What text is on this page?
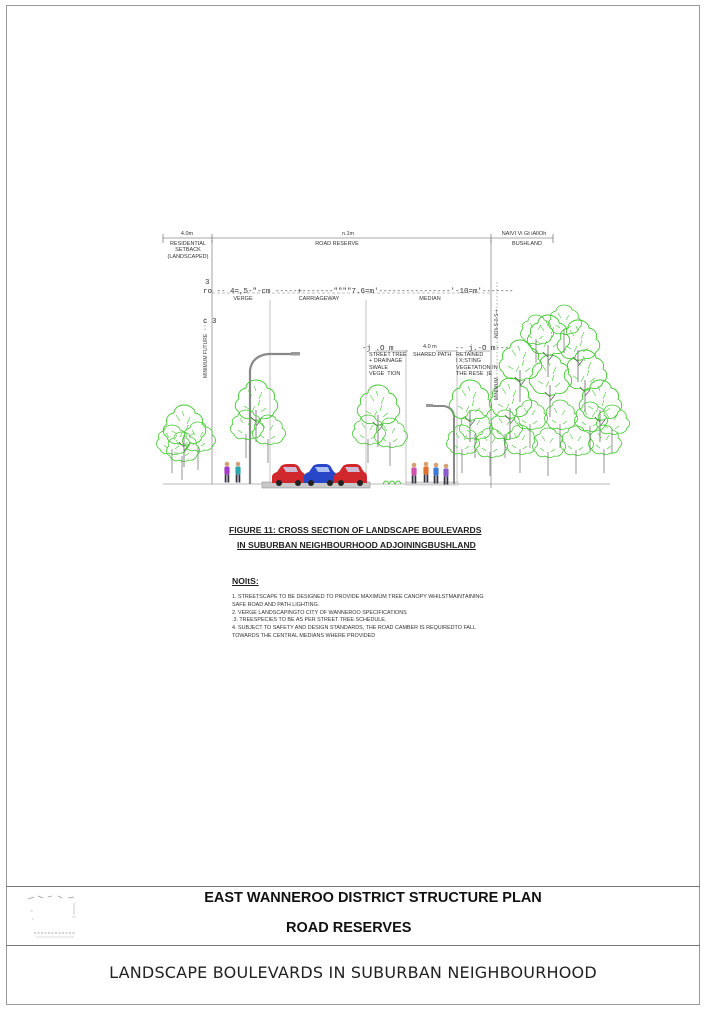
4.0m
RESIDENTIAL
SETBACK
(LANDSCAPED)
n.1m
ROAD RESERVE
NAIVI Vi Gt iAlIOh
BUSHLAND
3
ro -- 4=,5-"-cm -----+-------""""7.6=m'----------------'-10=m'-------
VERGE	CARRIAGEWAY	MEDIAN
c 3
MINIMUM FUTURE
MINIMUM
NOIi-S-0-S-+
-j .O m	4.0 m -- j.-O m---
STREET TREE
+ DRAINAGE
SWALE
VEGE  TION
SHARED PATH RETAINED
I X;STING
VEGETATION IN
THE RESE  )E
FIGURE 11: CROSS SECTION OF LANDSCAPE BOULEVARDS
IN SUBURBAN NEIGHBOURHOOD ADJOININGBUSHLAND
NOltS:
1. STREETSCAPE TO BE DESIGNED TO PROVIDE MAXIMUM TREE CANOPY WHILSTMAINTAINING
SAFE ROAD AND PATH LIGHTING.
2. VERGE LANDSCAPINGTO CITY OF WANNEROO SPECIFICATIONS
.3. TREESPECIES TO BE AS PER STREET TREE SCHEDULE.
4. SUBJECT TO SAFETY AND DESIGN STANDARDS, THE ROAD CAMBER IS REQUIREDTO FALL
TOWARDS THE CENTRAL MEDIANS WHERE PROVIDED
EAST WANNEROO DISTRICT STRUCTURE PLAN
ROAD RESERVES
LANDSCAPE BOULEVARDS IN SUBURBAN NEIGHBOURHOOD
